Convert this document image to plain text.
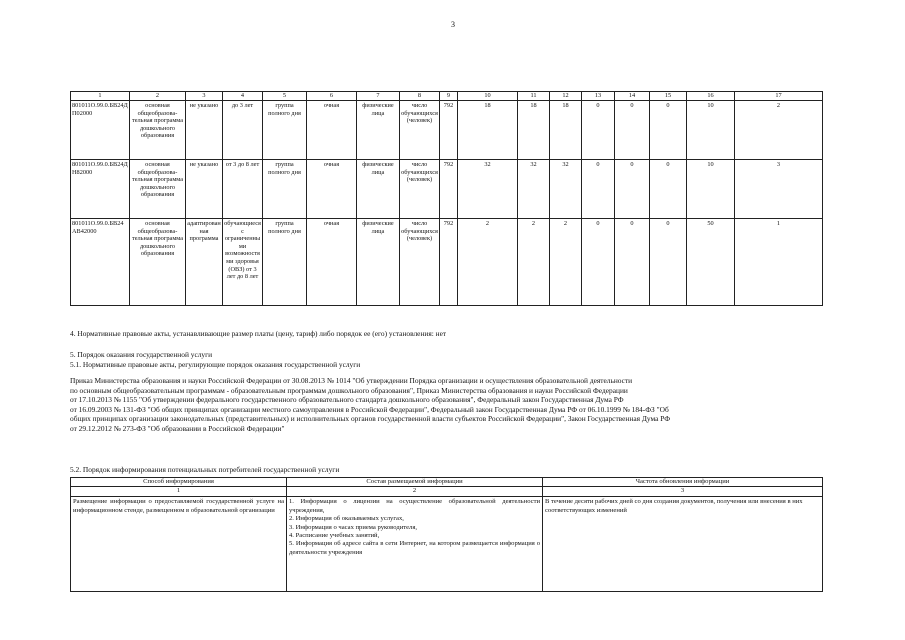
3
1	2	3	4	5	6	7	8	9	10	11	12	13	14	15	16	17
801011О.99.0.БВ24ДП02000	основная общеобразова-тельная программа дошкольного образования	не указано	до 3 лет	группа полного дня	очная	физические лица	число обучающихся (человек)	792	18	18	18	0	0	0	10	2
801011О.99.0.БВ24ДН82000	основная общеобразова-тельная программа дошкольного образования	не указано	от 3 до 8 лет	группа полного дня	очная	физические лица	число обучающихся (человек)	792	32	32	32	0	0	0	10	3
801011О.99.0.БВ24АВ42000	основная общеобразова-тельная программа дошкольного образования	адаптированная программа	обучающиеся с ограниченными возможностями здоровья (ОВЗ) от 3 лет до 8 лет	группа полного дня	очная	физические лица	число обучающихся (человек)	792	2	2	2	0	0	0	50	1
4. Нормативные правовые акты, устанавливающие размер платы (цену, тариф) либо порядок ее (его) установления: нет
5. Порядок оказания государственной услуги
5.1. Нормативные правовые акты, регулирующие порядок оказания государственной услуги
Приказ Министерства образования и науки Российской Федерации от 30.08.2013 № 1014 "Об утверждении Порядка организации и осуществления образовательной деятельности
по основным общеобразовательным программам - образовательным программам дошкольного образования", Приказ Министерства образования и науки Российской Федерации
от 17.10.2013 № 1155 "Об утверждении федерального государственного образовательного стандарта дошкольного образования", Федеральный закон Государственная Дума РФ
от 16.09.2003 № 131-ФЗ "Об общих принципах организации местного самоуправления в Российской Федерации", Федеральный закон Государственная Дума РФ от 06.10.1999 № 184-ФЗ "Об
общих принципах организации законодательных (представительных) и исполнительных органов государственной власти субъектов Российской Федерации", Закон Государственная Дума РФ
от 29.12.2012 № 273-ФЗ "Об образовании в Российской Федерации"
5.2. Порядок информирования потенциальных потребителей государственной услуги
Способ информирования	Состав размещаемой информации	Частота обновления информации
1	2	3
Размещение информации о предоставляемой государственной услуге на информационном стенде, размещенном в образовательной организации	1. Информация о лицензии на осуществление образовательной деятельности учреждения,
2. Информация об оказываемых услугах,
3. Информация о часах приема руководителя,
4. Расписание учебных занятий,
5. Информация об адресе сайта в сети Интернет, на котором размещается информация о деятельности учреждения	В течение десяти рабочих дней со дня создания документов, получения или внесения в них соответствующих изменений
